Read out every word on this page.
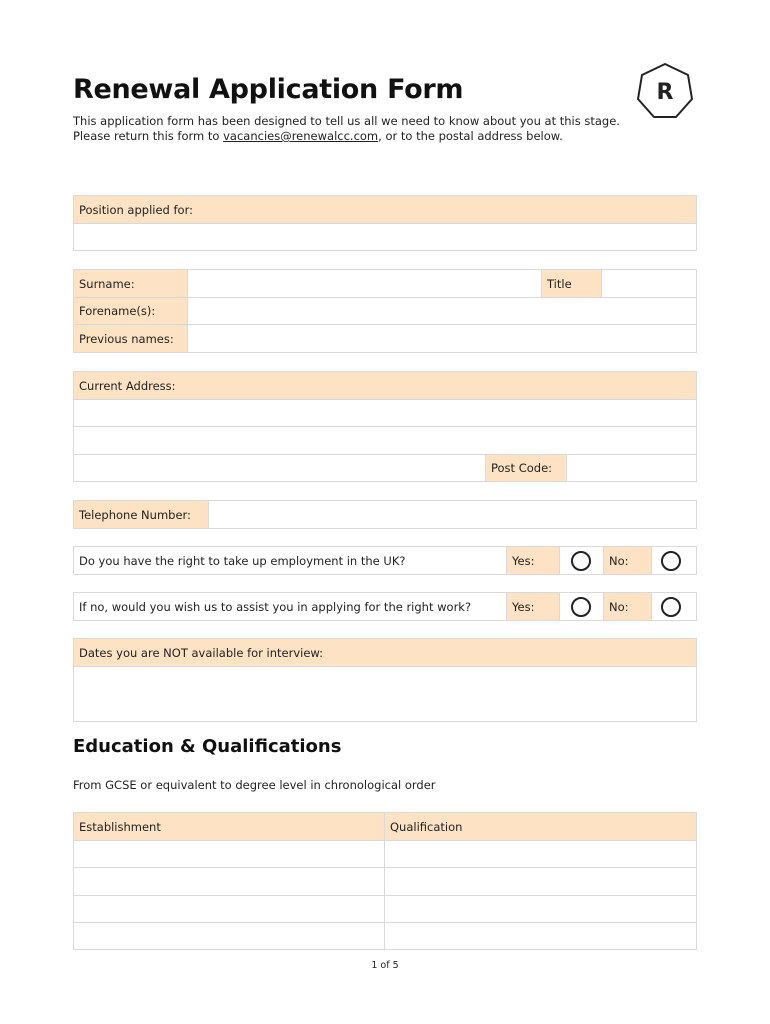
Renewal Application Form
This application form has been designed to tell us all we need to know about you at this stage. Please return this form to vacancies@renewalcc.com, or to the postal address below.
R
Position applied for:
Surname:	Title
Forename(s):
Previous names:
Current Address:
Post Code:
Telephone Number:
Do you have the right to take up employment in the UK?	Yes:	No:
If no, would you wish us to assist you in applying for the right work?	Yes:	No:
Dates you are NOT available for interview:
Education & Qualifications
From GCSE or equivalent to degree level in chronological order
Establishment	Qualification
1 of 5
